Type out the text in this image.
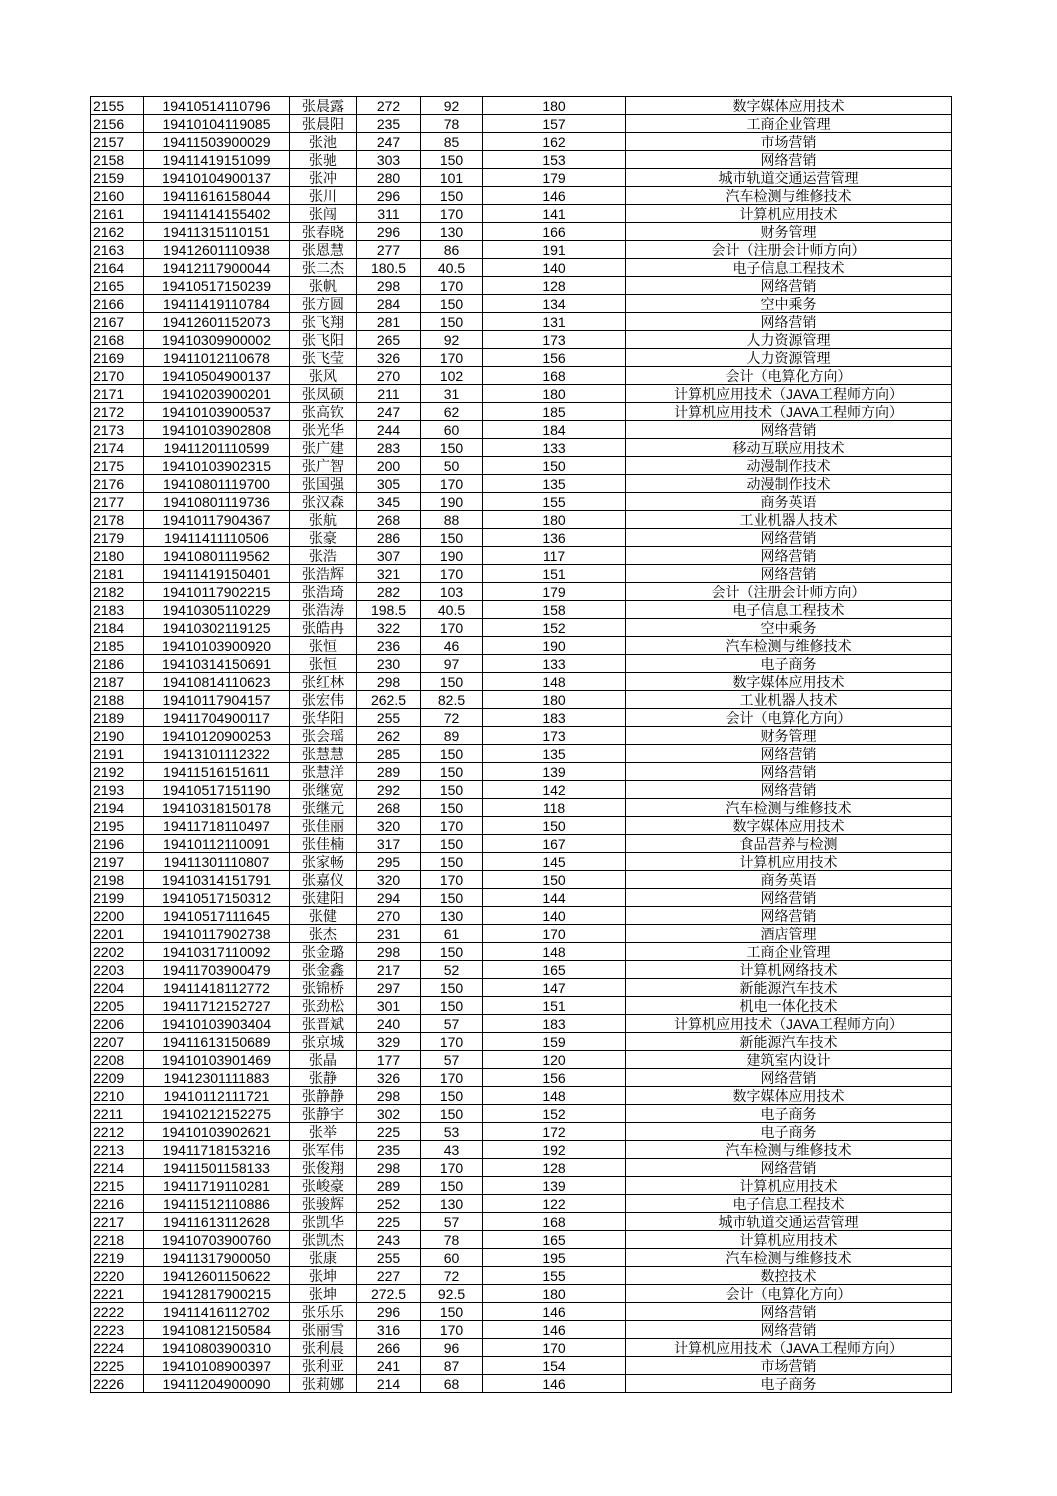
2155	19410514110796	张晨露	272	92	180	数字媒体应用技术
2156	19410104119085	张晨阳	235	78	157	工商企业管理
2157	19411503900029	张池	247	85	162	市场营销
2158	19411419151099	张驰	303	150	153	网络营销
2159	19410104900137	张冲	280	101	179	城市轨道交通运营管理
2160	19411616158044	张川	296	150	146	汽车检测与维修技术
2161	19411414155402	张闯	311	170	141	计算机应用技术
2162	19411315110151	张春晓	296	130	166	财务管理
2163	19412601110938	张恩慧	277	86	191	会计（注册会计师方向）
2164	19412117900044	张二杰	180.5	40.5	140	电子信息工程技术
2165	19410517150239	张帆	298	170	128	网络营销
2166	19411419110784	张方圆	284	150	134	空中乘务
2167	19412601152073	张飞翔	281	150	131	网络营销
2168	19410309900002	张飞阳	265	92	173	人力资源管理
2169	19411012110678	张飞莹	326	170	156	人力资源管理
2170	19410504900137	张风	270	102	168	会计（电算化方向）
2171	19410203900201	张凤硕	211	31	180	计算机应用技术（JAVA工程师方向）
2172	19410103900537	张高钦	247	62	185	计算机应用技术（JAVA工程师方向）
2173	19410103902808	张光华	244	60	184	网络营销
2174	19411201110599	张广建	283	150	133	移动互联应用技术
2175	19410103902315	张广智	200	50	150	动漫制作技术
2176	19410801119700	张国强	305	170	135	动漫制作技术
2177	19410801119736	张汉森	345	190	155	商务英语
2178	19410117904367	张航	268	88	180	工业机器人技术
2179	19411411110506	张豪	286	150	136	网络营销
2180	19410801119562	张浩	307	190	117	网络营销
2181	19411419150401	张浩辉	321	170	151	网络营销
2182	19410117902215	张浩琦	282	103	179	会计（注册会计师方向）
2183	19410305110229	张浩涛	198.5	40.5	158	电子信息工程技术
2184	19410302119125	张皓冉	322	170	152	空中乘务
2185	19410103900920	张恒	236	46	190	汽车检测与维修技术
2186	19410314150691	张恒	230	97	133	电子商务
2187	19410814110623	张红林	298	150	148	数字媒体应用技术
2188	19410117904157	张宏伟	262.5	82.5	180	工业机器人技术
2189	19411704900117	张华阳	255	72	183	会计（电算化方向）
2190	19410120900253	张会瑶	262	89	173	财务管理
2191	19413101112322	张慧慧	285	150	135	网络营销
2192	19411516151611	张慧洋	289	150	139	网络营销
2193	19410517151190	张继宽	292	150	142	网络营销
2194	19410318150178	张继元	268	150	118	汽车检测与维修技术
2195	19411718110497	张佳丽	320	170	150	数字媒体应用技术
2196	19410112110091	张佳楠	317	150	167	食品营养与检测
2197	19411301110807	张家畅	295	150	145	计算机应用技术
2198	19410314151791	张嘉仪	320	170	150	商务英语
2199	19410517150312	张建阳	294	150	144	网络营销
2200	19410517111645	张健	270	130	140	网络营销
2201	19410117902738	张杰	231	61	170	酒店管理
2202	19410317110092	张金璐	298	150	148	工商企业管理
2203	19411703900479	张金鑫	217	52	165	计算机网络技术
2204	19411418112772	张锦桥	297	150	147	新能源汽车技术
2205	19411712152727	张劲松	301	150	151	机电一体化技术
2206	19410103903404	张晋斌	240	57	183	计算机应用技术（JAVA工程师方向）
2207	19411613150689	张京城	329	170	159	新能源汽车技术
2208	19410103901469	张晶	177	57	120	建筑室内设计
2209	19412301111883	张静	326	170	156	网络营销
2210	19410112111721	张静静	298	150	148	数字媒体应用技术
2211	19410212152275	张静宇	302	150	152	电子商务
2212	19410103902621	张举	225	53	172	电子商务
2213	19411718153216	张军伟	235	43	192	汽车检测与维修技术
2214	19411501158133	张俊翔	298	170	128	网络营销
2215	19411719110281	张峻豪	289	150	139	计算机应用技术
2216	19411512110886	张骏辉	252	130	122	电子信息工程技术
2217	19411613112628	张凯华	225	57	168	城市轨道交通运营管理
2218	19410703900760	张凯杰	243	78	165	计算机应用技术
2219	19411317900050	张康	255	60	195	汽车检测与维修技术
2220	19412601150622	张坤	227	72	155	数控技术
2221	19412817900215	张坤	272.5	92.5	180	会计（电算化方向）
2222	19411416112702	张乐乐	296	150	146	网络营销
2223	19410812150584	张丽雪	316	170	146	网络营销
2224	19410803900310	张利晨	266	96	170	计算机应用技术（JAVA工程师方向）
2225	19410108900397	张利亚	241	87	154	市场营销
2226	19411204900090	张莉娜	214	68	146	电子商务
